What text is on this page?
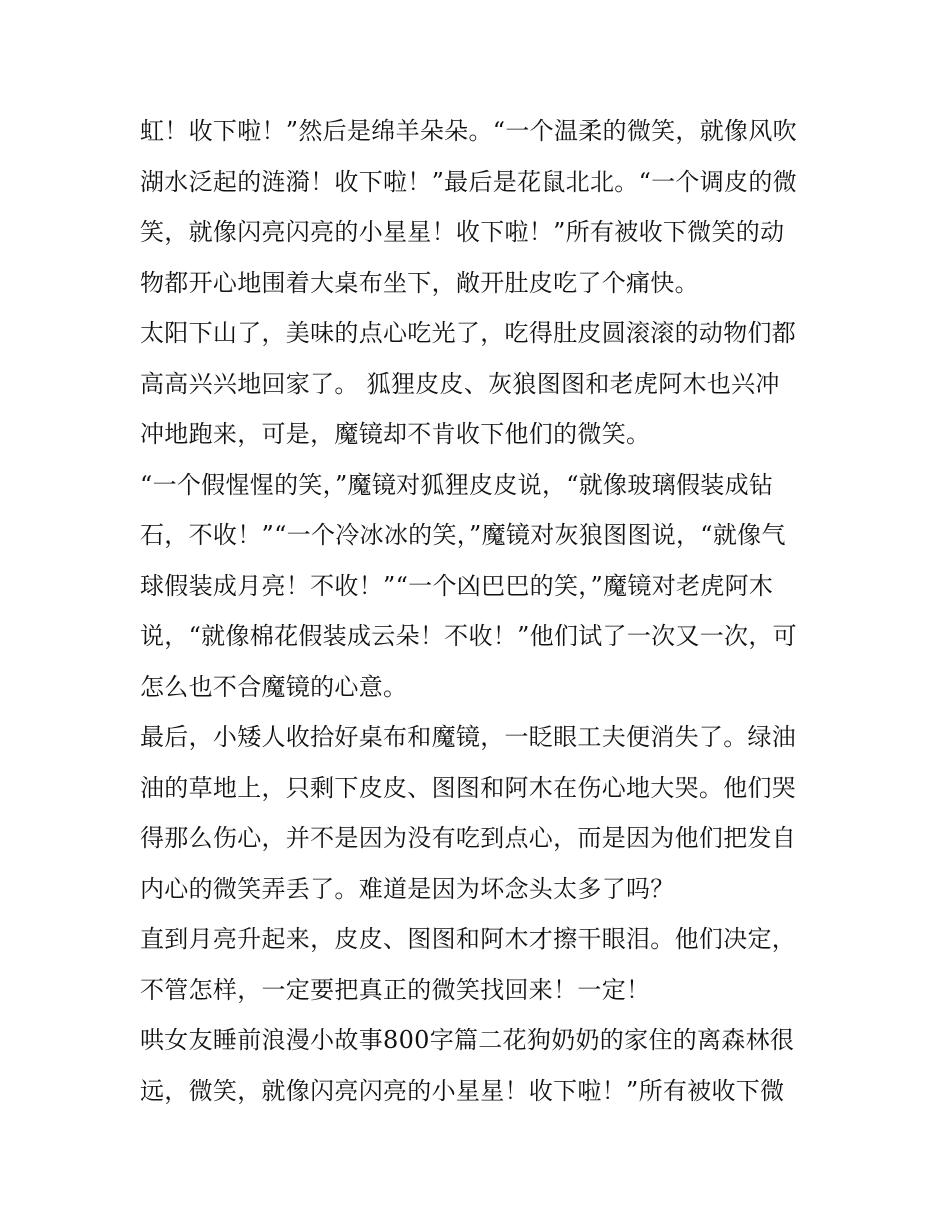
虹！收下啦！”然后是绵羊朵朵。“一个温柔的微笑，就像风吹
湖水泛起的涟漪！收下啦！”最后是花鼠北北。“一个调皮的微
笑，就像闪亮闪亮的小星星！收下啦！”所有被收下微笑的动
物都开心地围着大桌布坐下，敞开肚皮吃了个痛快。
太阳下山了，美味的点心吃光了，吃得肚皮圆滚滚的动物们都
高高兴兴地回家了。 狐狸皮皮、灰狼图图和老虎阿木也兴冲
冲地跑来，可是，魔镜却不肯收下他们的微笑。
“一个假惺惺的笑，”魔镜对狐狸皮皮说，“就像玻璃假装成钻
石，不收！”“一个冷冰冰的笑，”魔镜对灰狼图图说，“就像气
球假装成月亮！不收！”“一个凶巴巴的笑，”魔镜对老虎阿木
说，“就像棉花假装成云朵！不收！”他们试了一次又一次，可
怎么也不合魔镜的心意。
最后，小矮人收拾好桌布和魔镜，一眨眼工夫便消失了。绿油
油的草地上，只剩下皮皮、图图和阿木在伤心地大哭。他们哭
得那么伤心，并不是因为没有吃到点心，而是因为他们把发自
内心的微笑弄丢了。难道是因为坏念头太多了吗？
直到月亮升起来，皮皮、图图和阿木才擦干眼泪。他们决定，
不管怎样，一定要把真正的微笑找回来！一定！
哄女友睡前浪漫小故事800字篇二花狗奶奶的家住的离森林很
远，微笑，就像闪亮闪亮的小星星！收下啦！”所有被收下微
